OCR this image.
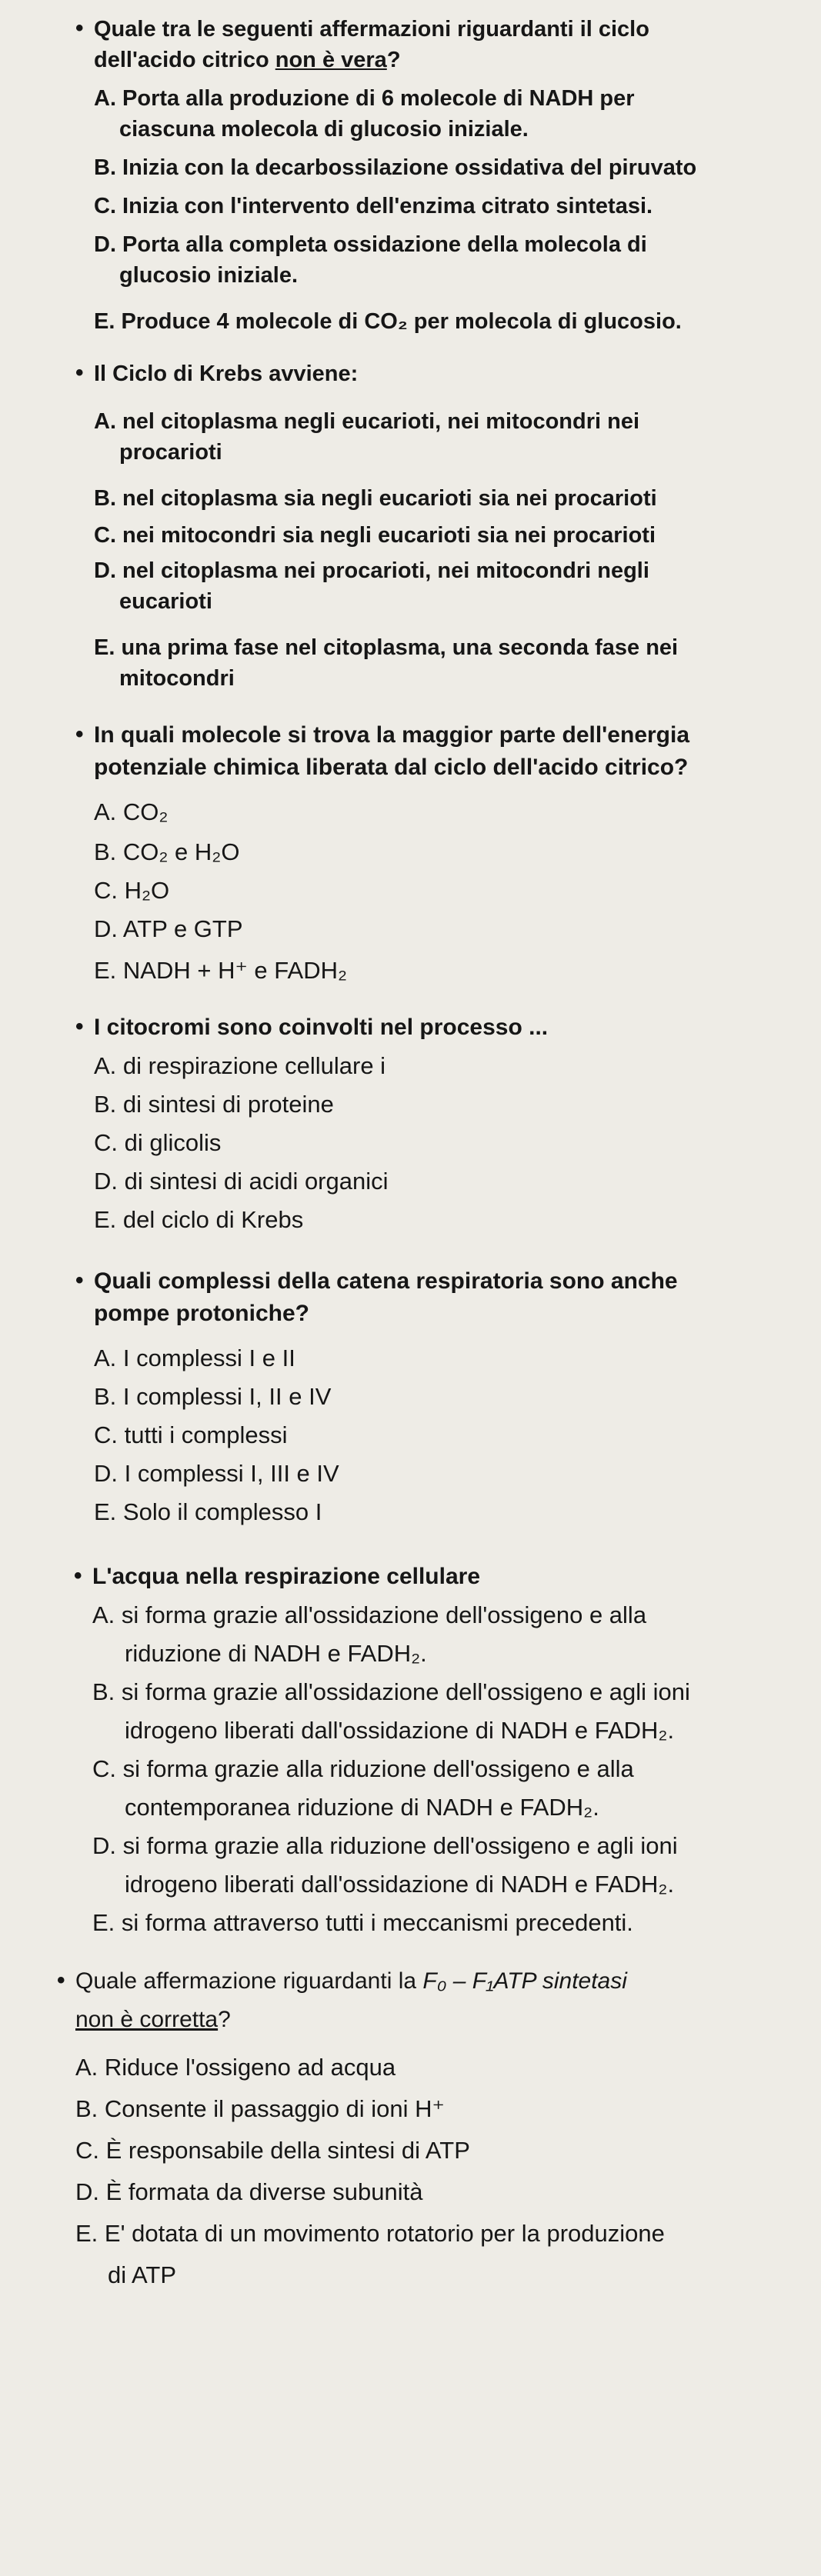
• Quale tra le seguenti affermazioni riguardanti il ciclo
dell'acido citrico non è vera?
A. Porta alla produzione di 6 molecole di NADH per
ciascuna molecola di glucosio iniziale.
B. Inizia con la decarbossilazione ossidativa del piruvato
C. Inizia con l'intervento dell'enzima citrato sintetasi.
D. Porta alla completa ossidazione della molecola di
glucosio iniziale.
E. Produce 4 molecole di CO₂ per molecola di glucosio.
• Il Ciclo di Krebs avviene:
A. nel citoplasma negli eucarioti, nei mitocondri nei
procarioti
B. nel citoplasma sia negli eucarioti sia nei procarioti
C. nei mitocondri sia negli eucarioti sia nei procarioti
D. nel citoplasma nei procarioti, nei mitocondri negli
eucarioti
E. una prima fase nel citoplasma, una seconda fase nei
mitocondri
• In quali molecole si trova la maggior parte dell'energia
potenziale chimica liberata dal ciclo dell'acido citrico?
A. CO₂
B. CO₂ e H₂O
C. H₂O
D. ATP e GTP
E. NADH + H⁺ e FADH₂
• I citocromi sono coinvolti nel processo ...
A. di respirazione cellulare i
B. di sintesi di proteine
C. di glicolis
D. di sintesi di acidi organici
E. del ciclo di Krebs
• Quali complessi della catena respiratoria sono anche
pompe protoniche?
A. I complessi I e II
B. I complessi I, II e IV
C. tutti i complessi
D. I complessi I, III e IV
E. Solo il complesso I
• L'acqua nella respirazione cellulare
A. si forma grazie all'ossidazione dell'ossigeno e alla
riduzione di NADH e FADH₂.
B. si forma grazie all'ossidazione dell'ossigeno e agli ioni
idrogeno liberati dall'ossidazione di NADH e FADH₂.
C. si forma grazie alla riduzione dell'ossigeno e alla
contemporanea riduzione di NADH e FADH₂.
D. si forma grazie alla riduzione dell'ossigeno e agli ioni
idrogeno liberati dall'ossidazione di NADH e FADH₂.
E. si forma attraverso tutti i meccanismi precedenti.
• Quale affermazione riguardanti la F₀ – F₁ATP sintetasi
non è corretta?
A. Riduce l'ossigeno ad acqua
B. Consente il passaggio di ioni H⁺
C. È responsabile della sintesi di ATP
D. È formata da diverse subunità
E. E' dotata di un movimento rotatorio per la produzione
di ATP
